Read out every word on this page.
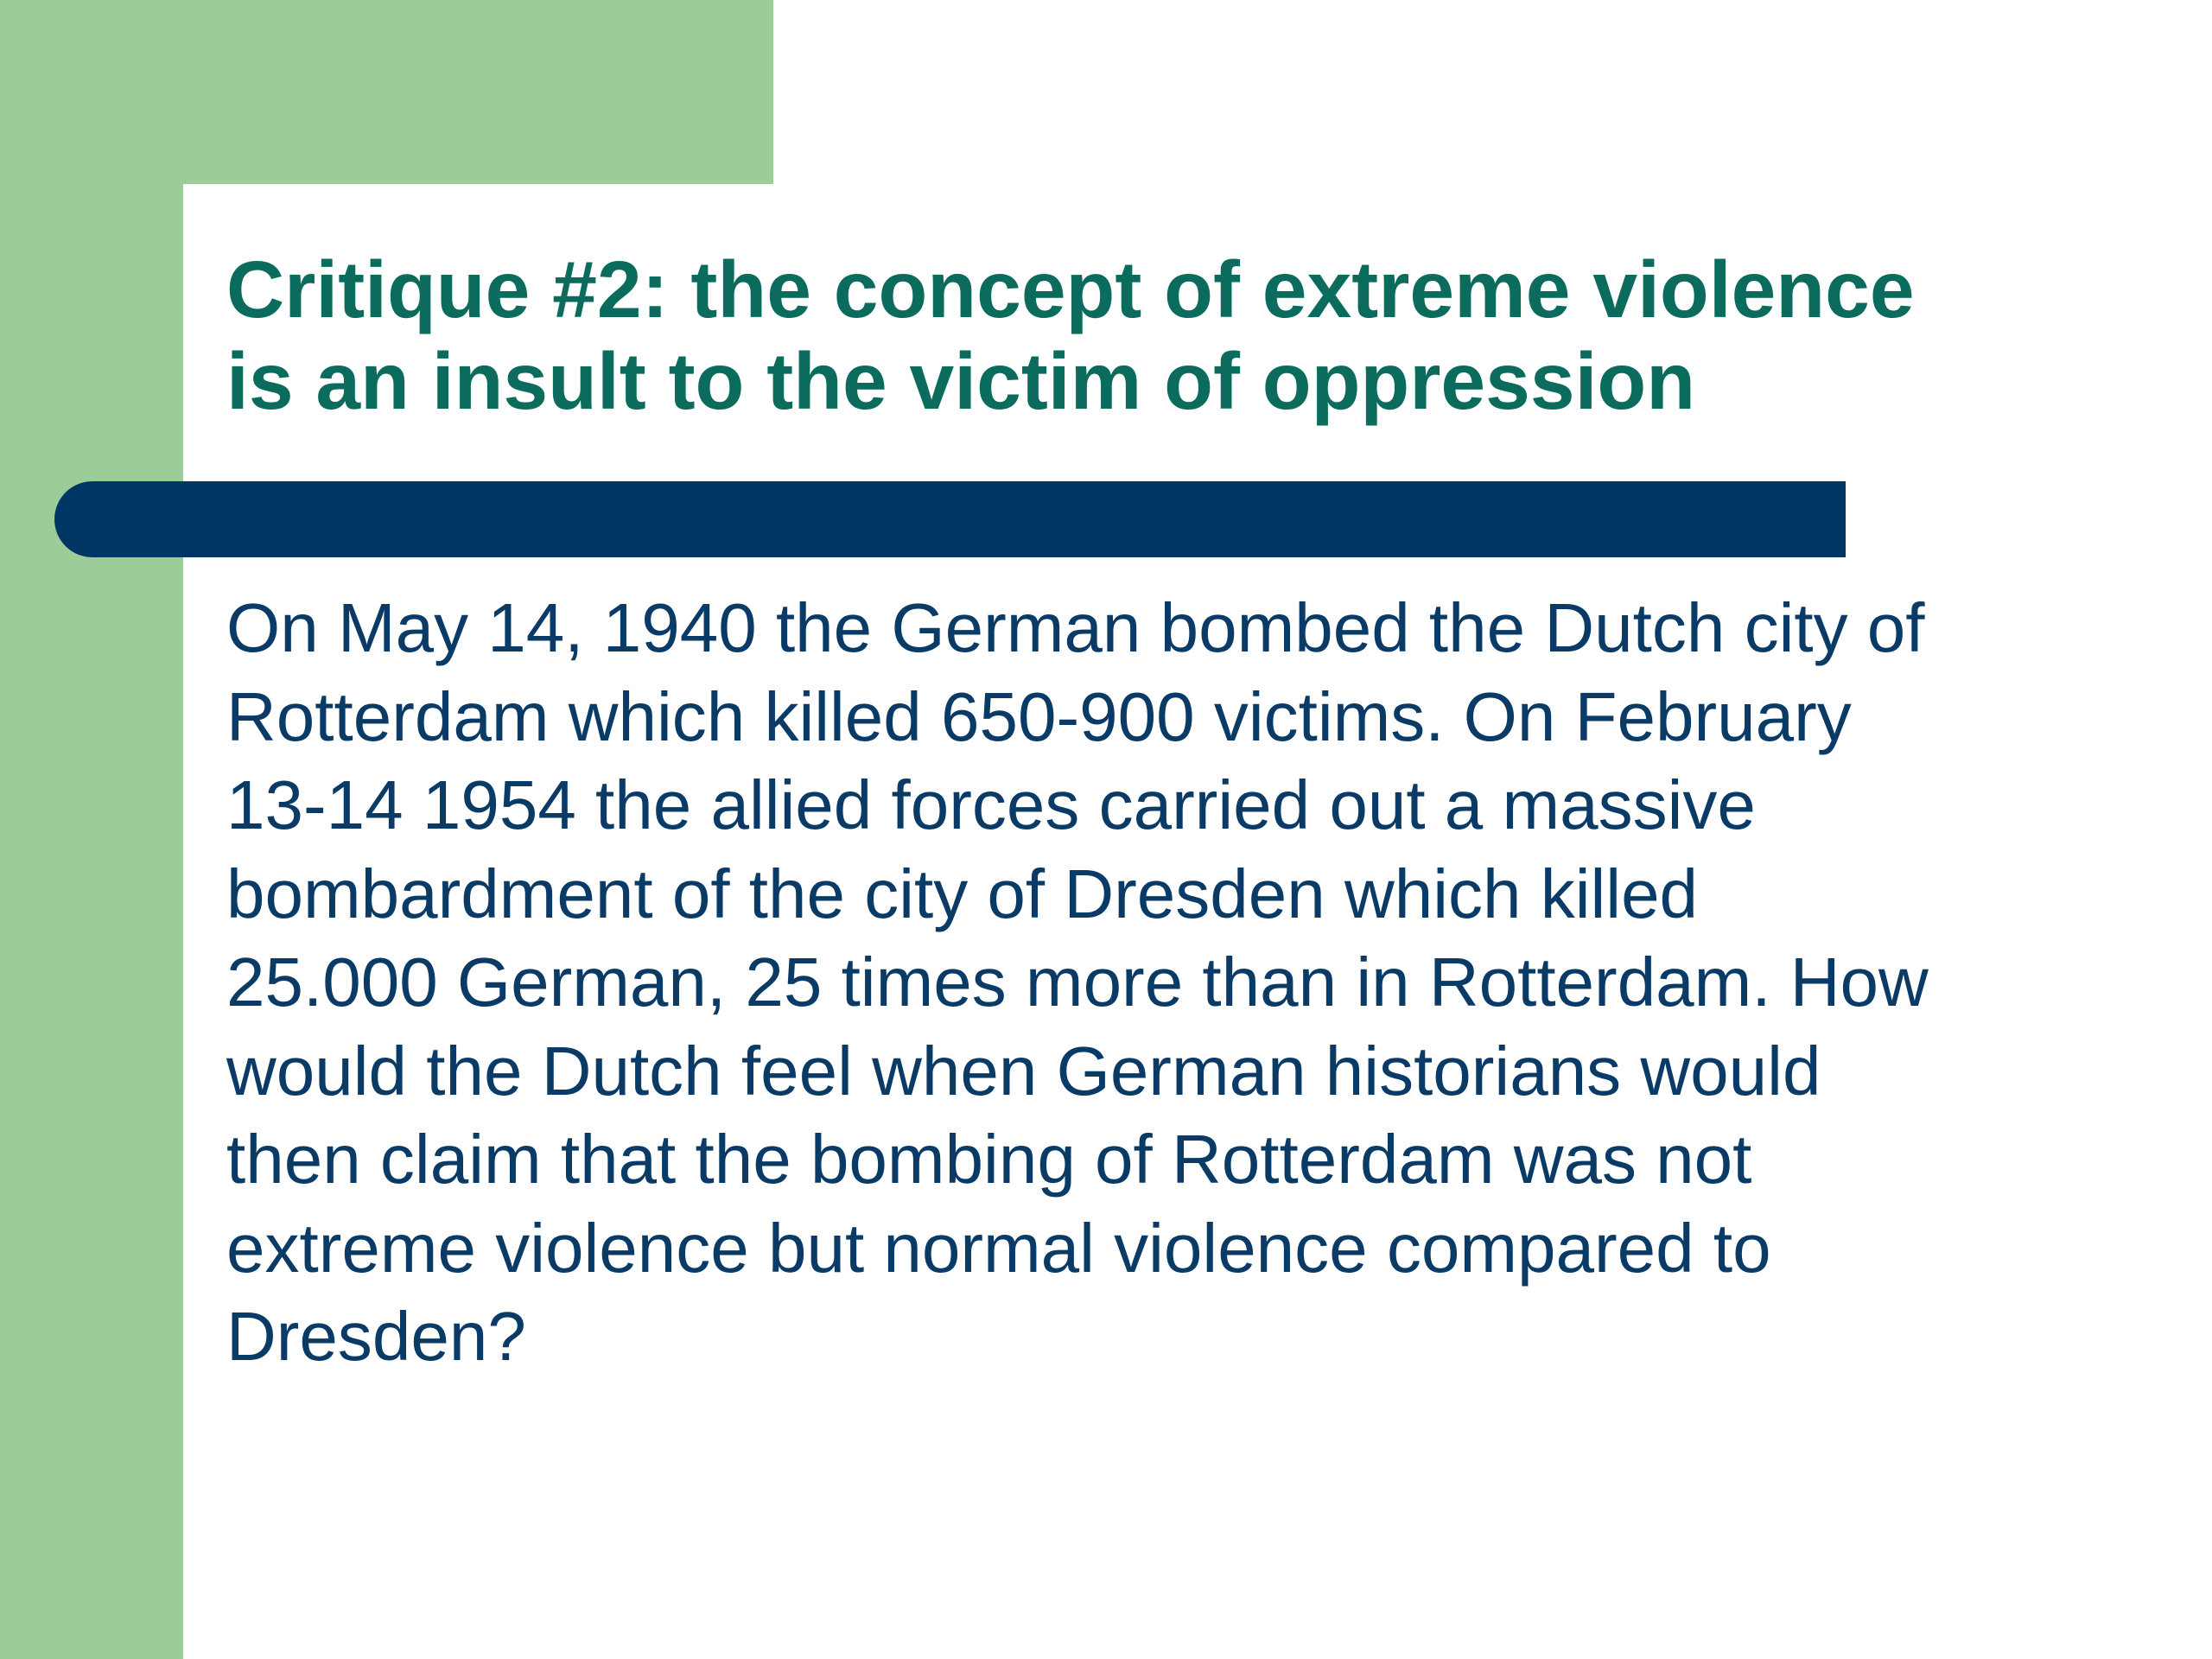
Critique #2: the concept of extreme violence
is an insult to the victim of oppression

On May 14, 1940 the German bombed the Dutch city of
Rotterdam which killed 650-900 victims. On February
13-14 1954 the allied forces carried out a massive
bombardment of the city of Dresden which killed
25.000 German, 25 times more than in Rotterdam. How
would the Dutch feel when German historians would
then claim that the bombing of Rotterdam was not
extreme violence but normal violence compared to
Dresden?
